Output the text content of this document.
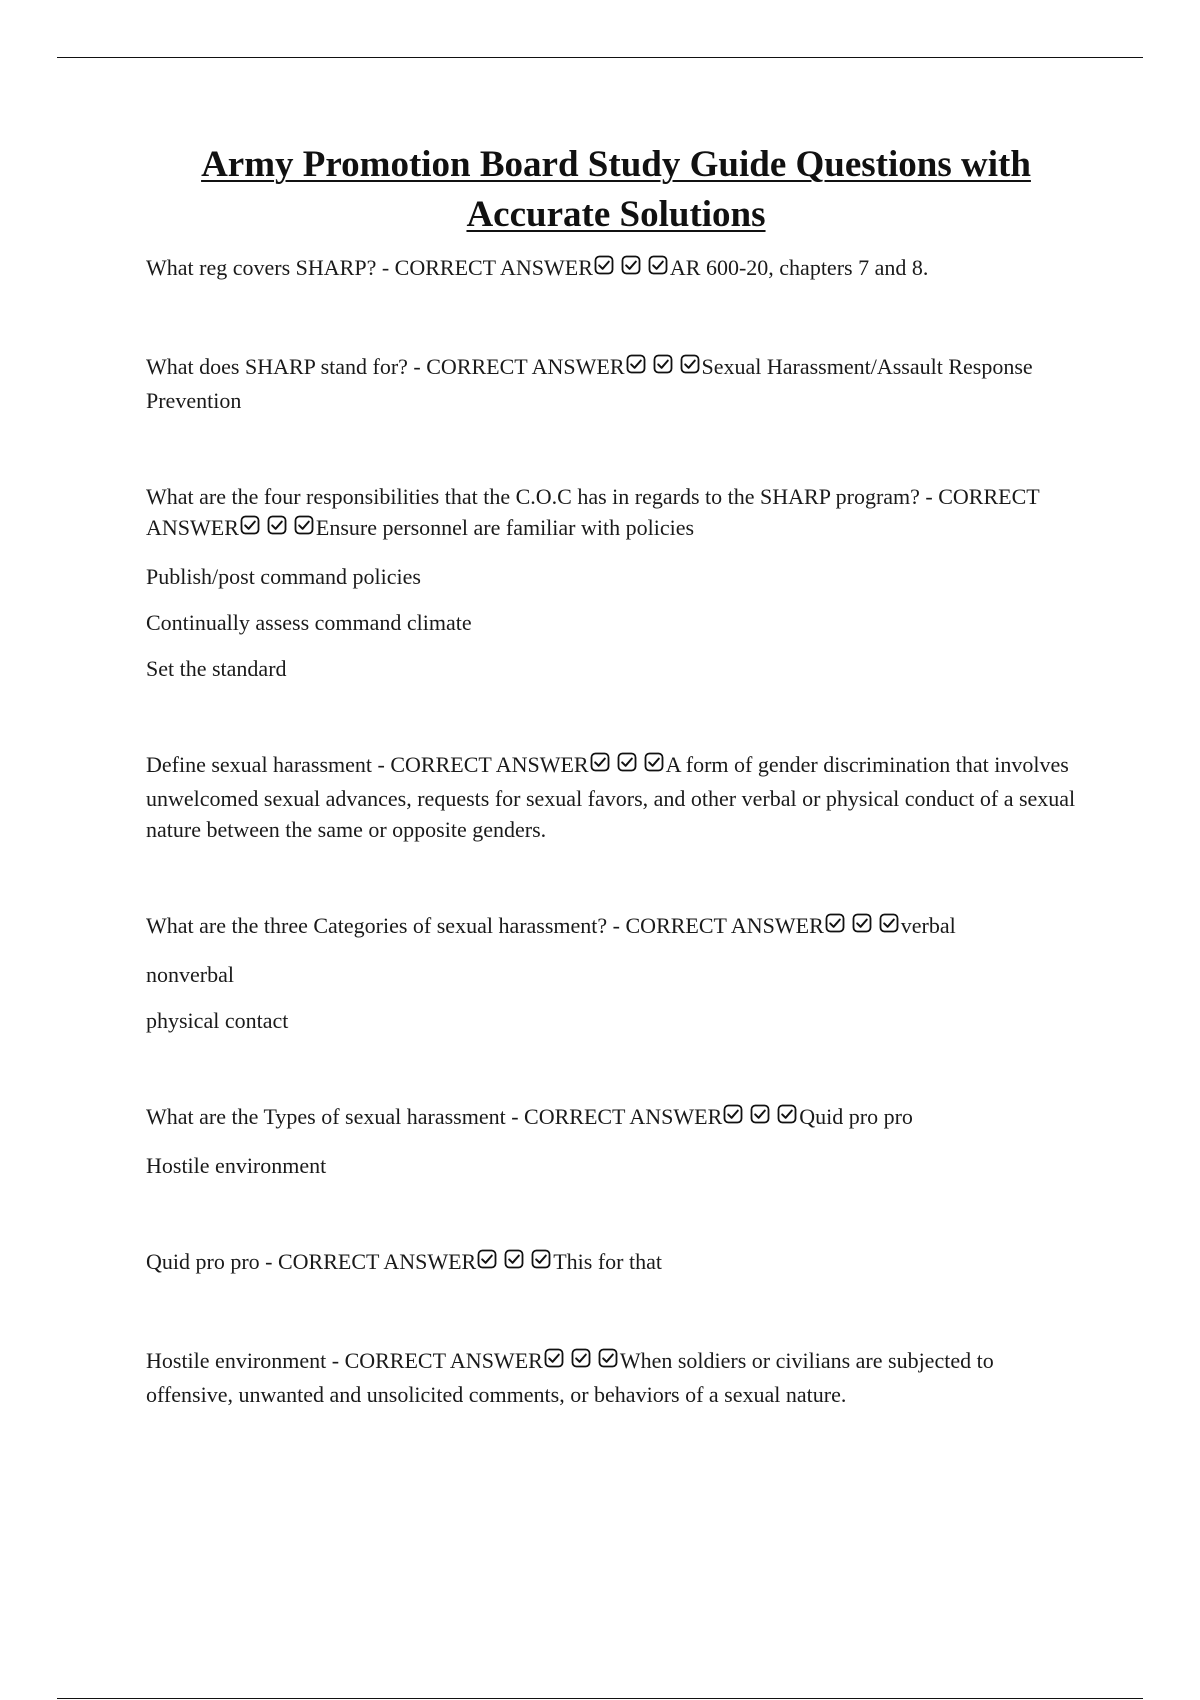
Army Promotion Board Study Guide Questions with
Accurate Solutions

What reg covers SHARP? - CORRECT ANSWER	AR 600-20, chapters 7 and 8.

What does SHARP stand for? - CORRECT ANSWER	Sexual Harassment/Assault Response Prevention

What are the four responsibilities that the C.O.C has in regards to the SHARP program? - CORRECT ANSWER	Ensure personnel are familiar with policies

Publish/post command policies

Continually assess command climate

Set the standard

Define sexual harassment - CORRECT ANSWER	A form of gender discrimination that involves unwelcomed sexual advances, requests for sexual favors, and other verbal or physical conduct of a sexual nature between the same or opposite genders.

What are the three Categories of sexual harassment? - CORRECT ANSWER	verbal

nonverbal

physical contact

What are the Types of sexual harassment - CORRECT ANSWER	Quid pro pro

Hostile environment

Quid pro pro - CORRECT ANSWER	This for that

Hostile environment - CORRECT ANSWER	When soldiers or civilians are subjected to offensive, unwanted and unsolicited comments, or behaviors of a sexual nature.
